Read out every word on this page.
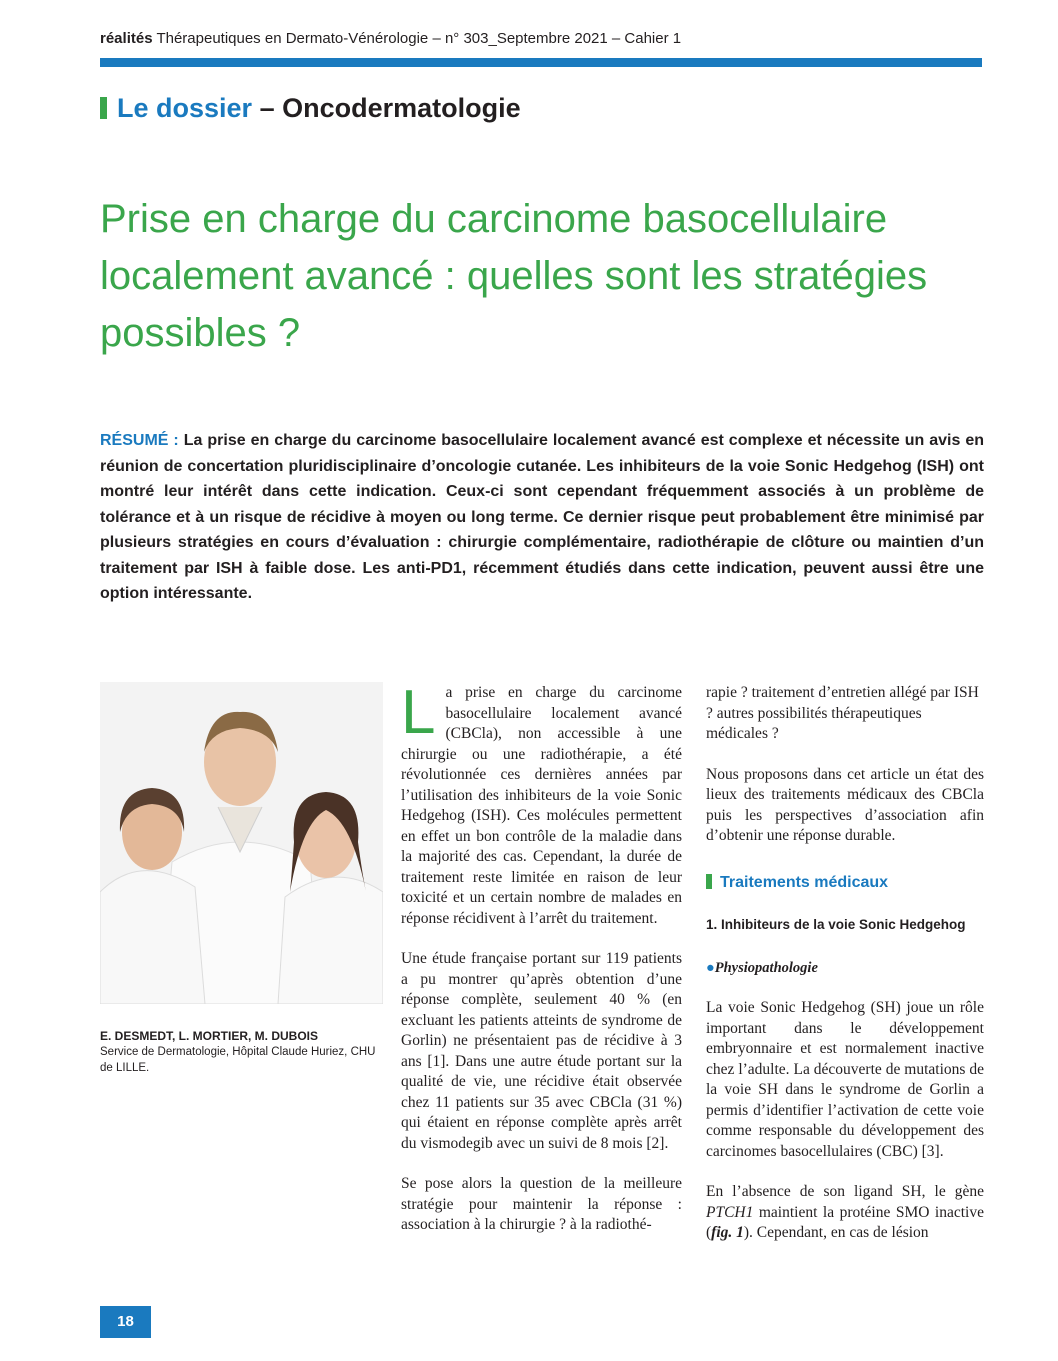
réalités Thérapeutiques en Dermato-Vénérologie – n° 303_Septembre 2021 – Cahier 1
Le dossier – Oncodermatologie
Prise en charge du carcinome basocellulaire localement avancé : quelles sont les stratégies possibles ?
RÉSUMÉ : La prise en charge du carcinome basocellulaire localement avancé est complexe et nécessite un avis en réunion de concertation pluridisciplinaire d’oncologie cutanée. Les inhibiteurs de la voie Sonic Hedgehog (ISH) ont montré leur intérêt dans cette indication. Ceux-ci sont cependant fréquemment associés à un problème de tolérance et à un risque de récidive à moyen ou long terme. Ce dernier risque peut probablement être minimisé par plusieurs stratégies en cours d’évaluation : chirurgie complémentaire, radiothérapie de clôture ou maintien d’un traitement par ISH à faible dose. Les anti-PD1, récemment étudiés dans cette indication, peuvent aussi être une option intéressante.
E. DESMEDT, L. MORTIER, M. DUBOIS
Service de Dermatologie, Hôpital Claude Huriez, CHU de LILLE.

La prise en charge du carcinome basocellulaire localement avancé (CBCla), non accessible à une chirurgie ou une radiothérapie, a été révolutionnée ces dernières années par l’utilisation des inhibiteurs de la voie Sonic Hedgehog (ISH). Ces molécules permettent en effet un bon contrôle de la maladie dans la majorité des cas. Cependant, la durée de traitement reste limitée en raison de leur toxicité et un certain nombre de malades en réponse récidivent à l’arrêt du traitement.

Une étude française portant sur 119 patients a pu montrer qu’après obtention d’une réponse complète, seulement 40 % (en excluant les patients atteints de syndrome de Gorlin) ne présentaient pas de récidive à 3 ans [1]. Dans une autre étude portant sur la qualité de vie, une récidive était observée chez 11 patients sur 35 avec CBCla (31 %) qui étaient en réponse complète après arrêt du vismodegib avec un suivi de 8 mois [2].

Se pose alors la question de la meilleure stratégie pour maintenir la réponse : association à la chirurgie ? à la radiothé-

rapie ? traitement d’entretien allégé par ISH ? autres possibilités thérapeutiques médicales ?

Nous proposons dans cet article un état des lieux des traitements médicaux des CBCla puis les perspectives d’association afin d’obtenir une réponse durable.

Traitements médicaux
1. Inhibiteurs de la voie Sonic Hedgehog
●Physiopathologie

La voie Sonic Hedgehog (SH) joue un rôle important dans le développement embryonnaire et est normalement inactive chez l’adulte. La découverte de mutations de la voie SH dans le syndrome de Gorlin a permis d’identifier l’activation de cette voie comme responsable du développement des carcinomes basocellulaires (CBC) [3].

En l’absence de son ligand SH, le gène PTCH1 maintient la protéine SMO inactive (fig. 1). Cependant, en cas de lésion

18
